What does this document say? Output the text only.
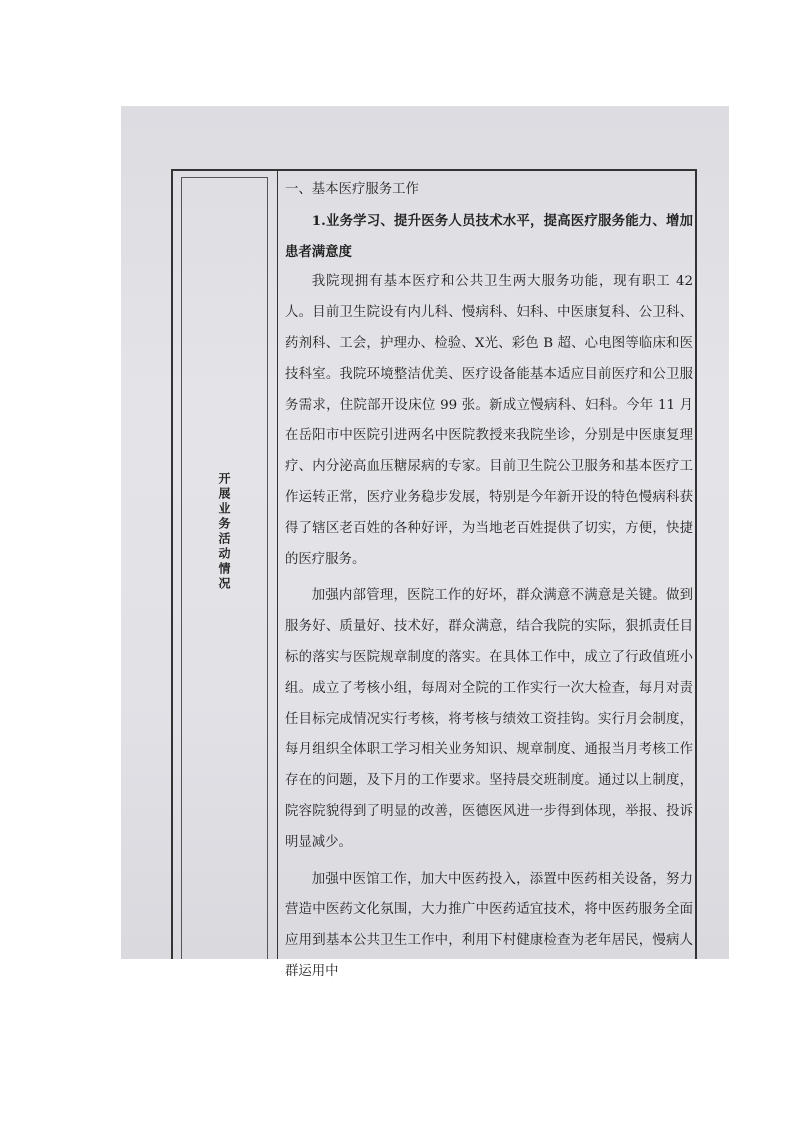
开展业务活动情况

一、基本医疗服务工作

1.业务学习、提升医务人员技术水平，提高医疗服务能力、增加患者满意度

我院现拥有基本医疗和公共卫生两大服务功能，现有职工 42 人。目前卫生院设有内儿科、慢病科、妇科、中医康复科、公卫科、药剂科、工会，护理办、检验、X光、彩色 B 超、心电图等临床和医技科室。我院环境整洁优美、医疗设备能基本适应目前医疗和公卫服务需求，住院部开设床位 99 张。新成立慢病科、妇科。今年 11 月在岳阳市中医院引进两名中医院教授来我院坐诊，分别是中医康复理疗、内分泌高血压糖尿病的专家。目前卫生院公卫服务和基本医疗工作运转正常，医疗业务稳步发展，特别是今年新开设的特色慢病科获得了辖区老百姓的各种好评，为当地老百姓提供了切实，方便，快捷的医疗服务。

加强内部管理，医院工作的好坏，群众满意不满意是关键。做到服务好、质量好、技术好，群众满意，结合我院的实际，狠抓责任目标的落实与医院规章制度的落实。在具体工作中，成立了行政值班小组。成立了考核小组，每周对全院的工作实行一次大检查，每月对责任目标完成情况实行考核，将考核与绩效工资挂钩。实行月会制度，每月组织全体职工学习相关业务知识、规章制度、通报当月考核工作存在的问题，及下月的工作要求。坚持晨交班制度。通过以上制度，院容院貌得到了明显的改善，医德医风进一步得到体现，举报、投诉明显减少。

加强中医馆工作，加大中医药投入，添置中医药相关设备，努力营造中医药文化氛围，大力推广中医药适宜技术，将中医药服务全面应用到基本公共卫生工作中，利用下村健康检查为老年居民，慢病人群运用中
